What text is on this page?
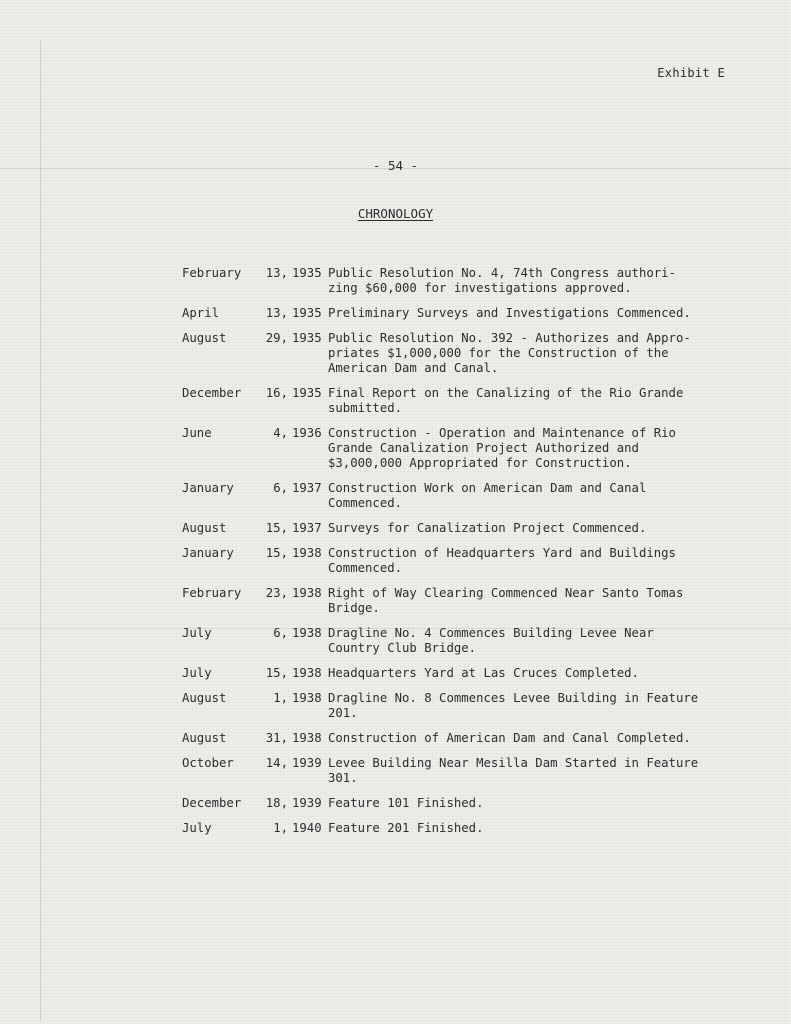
Exhibit E
- 54 -
CHRONOLOGY
February	13, 1935 Public Resolution No. 4, 74th Congress authori-
zing $60,000 for investigations approved.
April	13, 1935 Preliminary Surveys and Investigations Commenced.
August	29, 1935 Public Resolution No. 392 - Authorizes and Appro-
priates $1,000,000 for the Construction of the
American Dam and Canal.
December	16, 1935 Final Report on the Canalizing of the Rio Grande
submitted.
June	4, 1936 Construction - Operation and Maintenance of Rio
Grande Canalization Project Authorized and
$3,000,000 Appropriated for Construction.
January	6, 1937 Construction Work on American Dam and Canal
Commenced.
August	15, 1937 Surveys for Canalization Project Commenced.
January	15, 1938 Construction of Headquarters Yard and Buildings
Commenced.
February	23, 1938 Right of Way Clearing Commenced Near Santo Tomas
Bridge.
July	6, 1938 Dragline No. 4 Commences Building Levee Near
Country Club Bridge.
July	15, 1938 Headquarters Yard at Las Cruces Completed.
August	1, 1938 Dragline No. 8 Commences Levee Building in Feature
201.
August	31, 1938 Construction of American Dam and Canal Completed.
October	14, 1939 Levee Building Near Mesilla Dam Started in Feature
301.
December	18, 1939 Feature 101 Finished.
July	1, 1940 Feature 201 Finished.
